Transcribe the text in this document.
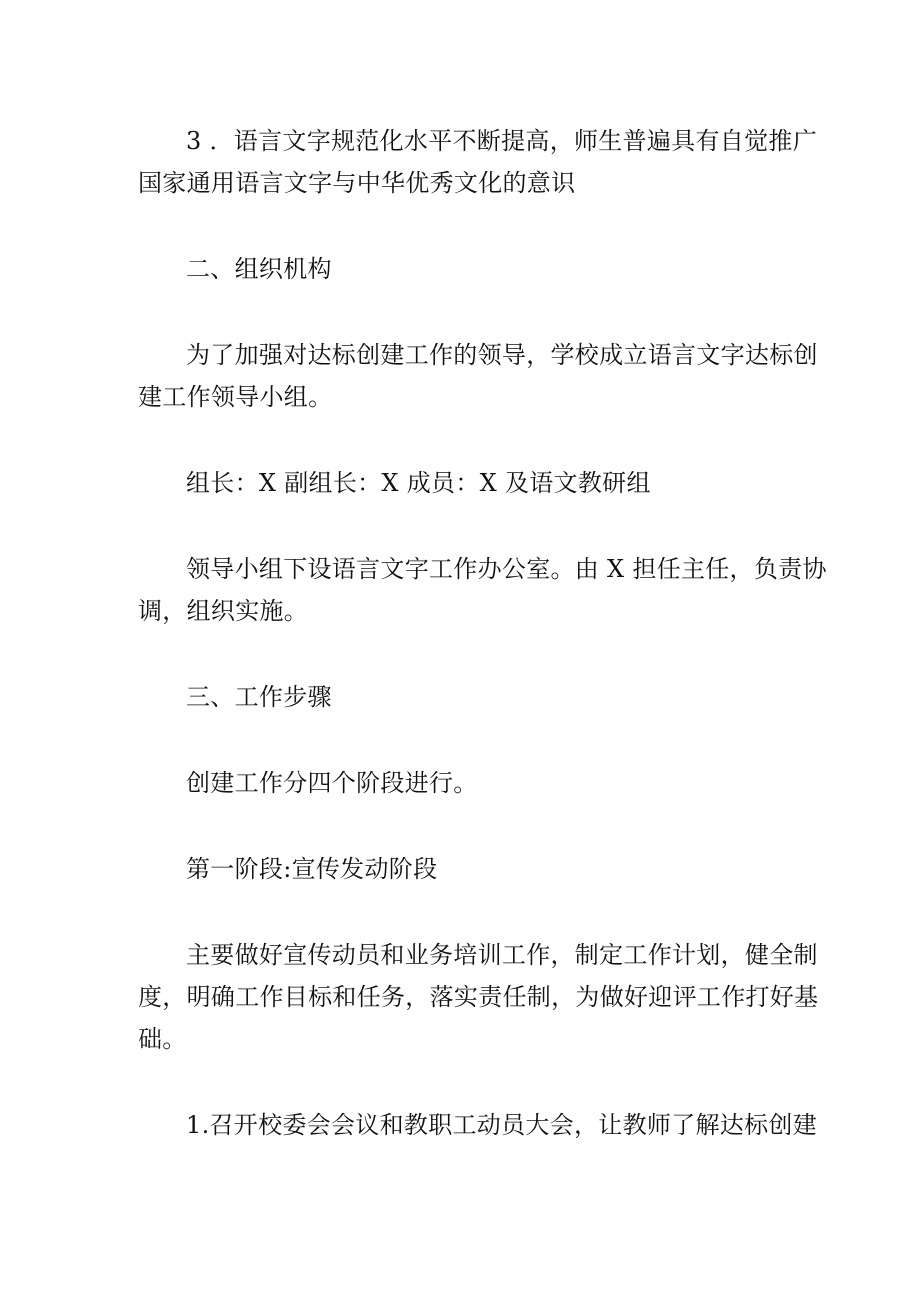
3 ．语言文字规范化水平不断提高，师生普遍具有自觉推广
国家通用语言文字与中华优秀文化的意识

二、组织机构

为了加强对达标创建工作的领导，学校成立语言文字达标创
建工作领导小组。

组长：X 副组长：X 成员：X 及语文教研组

领导小组下设语言文字工作办公室。由 X 担任主任，负责协
调，组织实施。

三、工作步骤

创建工作分四个阶段进行。

第一阶段:宣传发动阶段

主要做好宣传动员和业务培训工作，制定工作计划，健全制
度，明确工作目标和任务，落实责任制，为做好迎评工作打好基
础。

1.召开校委会会议和教职工动员大会，让教师了解达标创建
